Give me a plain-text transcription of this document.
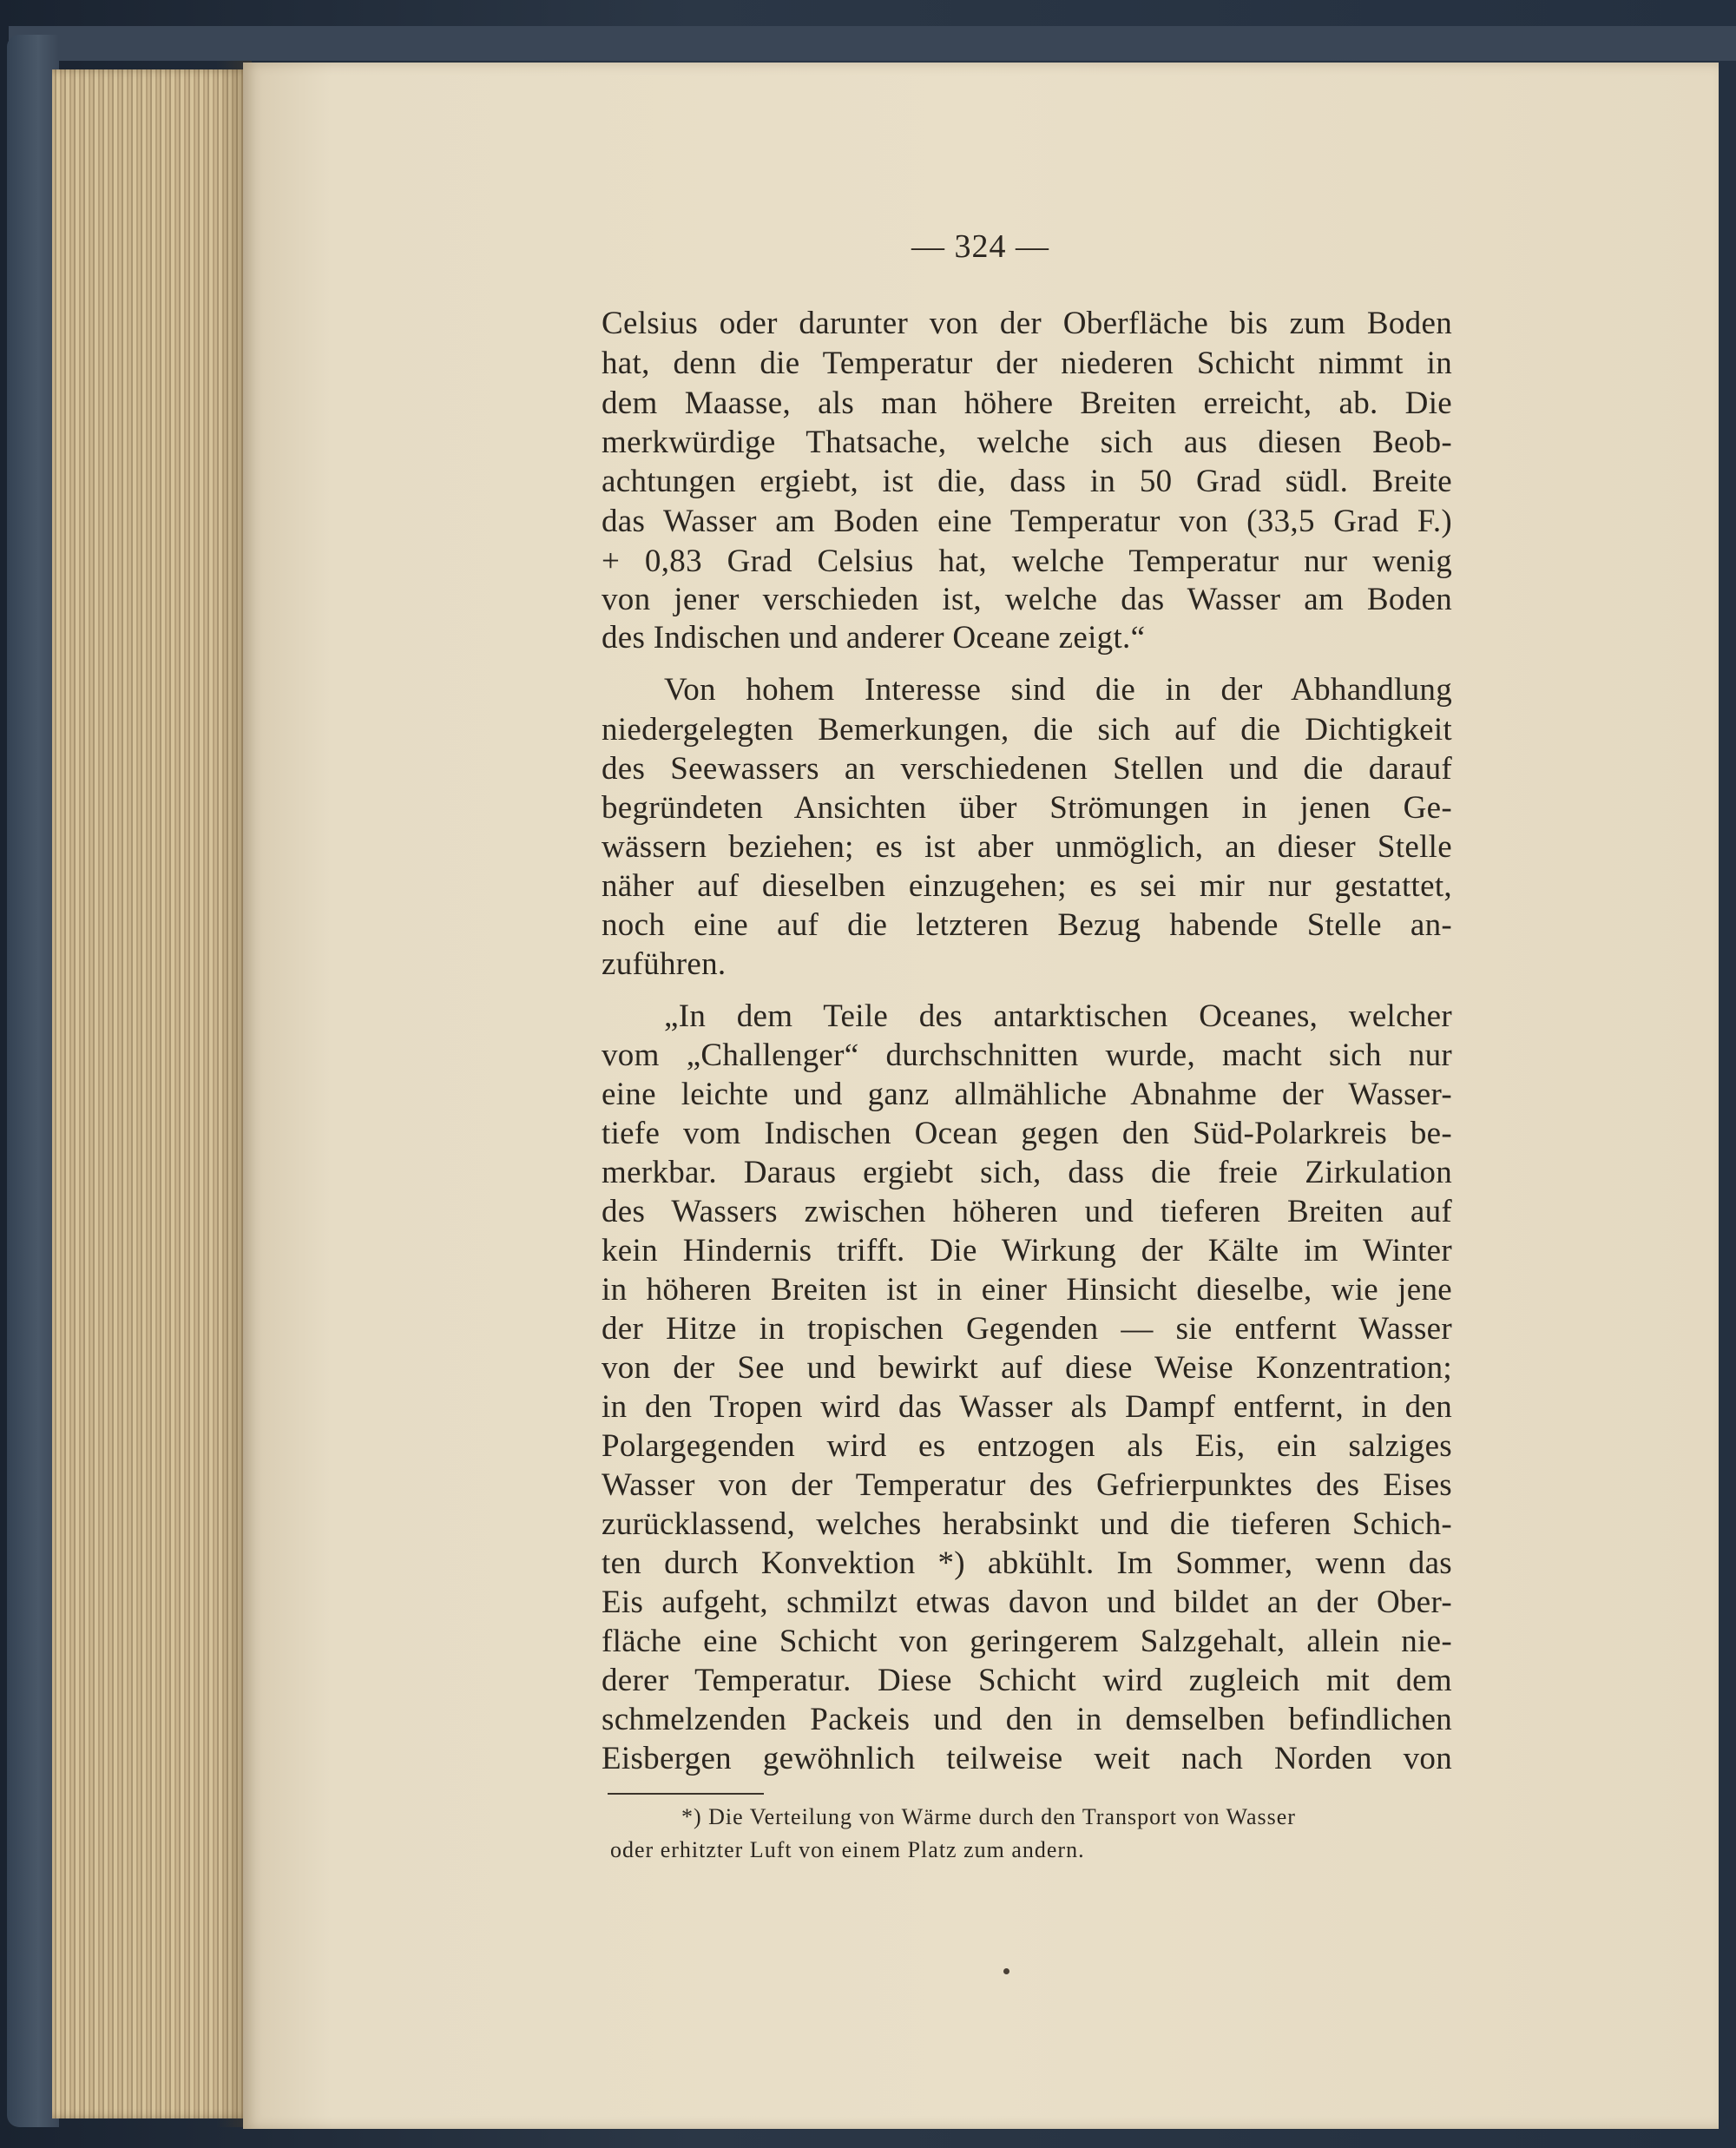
— 324 —
Celsius oder darunter von der Oberfläche bis zum Boden
hat, denn die Temperatur der niederen Schicht nimmt in
dem Maasse, als man höhere Breiten erreicht, ab. Die
merkwürdige Thatsache, welche sich aus diesen Beob-
achtungen ergiebt, ist die, dass in 50 Grad südl. Breite
das Wasser am Boden eine Temperatur von (33,5 Grad F.)
+ 0,83 Grad Celsius hat, welche Temperatur nur wenig
von jener verschieden ist, welche das Wasser am Boden
des Indischen und anderer Oceane zeigt.“
Von hohem Interesse sind die in der Abhandlung
niedergelegten Bemerkungen, die sich auf die Dichtigkeit
des Seewassers an verschiedenen Stellen und die darauf
begründeten Ansichten über Strömungen in jenen Ge-
wässern beziehen; es ist aber unmöglich, an dieser Stelle
näher auf dieselben einzugehen; es sei mir nur gestattet,
noch eine auf die letzteren Bezug habende Stelle an-
zuführen.
„In dem Teile des antarktischen Oceanes, welcher
vom „Challenger“ durchschnitten wurde, macht sich nur
eine leichte und ganz allmähliche Abnahme der Wasser-
tiefe vom Indischen Ocean gegen den Süd-Polarkreis be-
merkbar. Daraus ergiebt sich, dass die freie Zirkulation
des Wassers zwischen höheren und tieferen Breiten auf
kein Hindernis trifft. Die Wirkung der Kälte im Winter
in höheren Breiten ist in einer Hinsicht dieselbe, wie jene
der Hitze in tropischen Gegenden — sie entfernt Wasser
von der See und bewirkt auf diese Weise Konzentration;
in den Tropen wird das Wasser als Dampf entfernt, in den
Polargegenden wird es entzogen als Eis, ein salziges
Wasser von der Temperatur des Gefrierpunktes des Eises
zurücklassend, welches herabsinkt und die tieferen Schich-
ten durch Konvektion *) abkühlt. Im Sommer, wenn das
Eis aufgeht, schmilzt etwas davon und bildet an der Ober-
fläche eine Schicht von geringerem Salzgehalt, allein nie-
derer Temperatur. Diese Schicht wird zugleich mit dem
schmelzenden Packeis und den in demselben befindlichen
Eisbergen gewöhnlich teilweise weit nach Norden von
*) Die Verteilung von Wärme durch den Transport von Wasser
oder erhitzter Luft von einem Platz zum andern.
